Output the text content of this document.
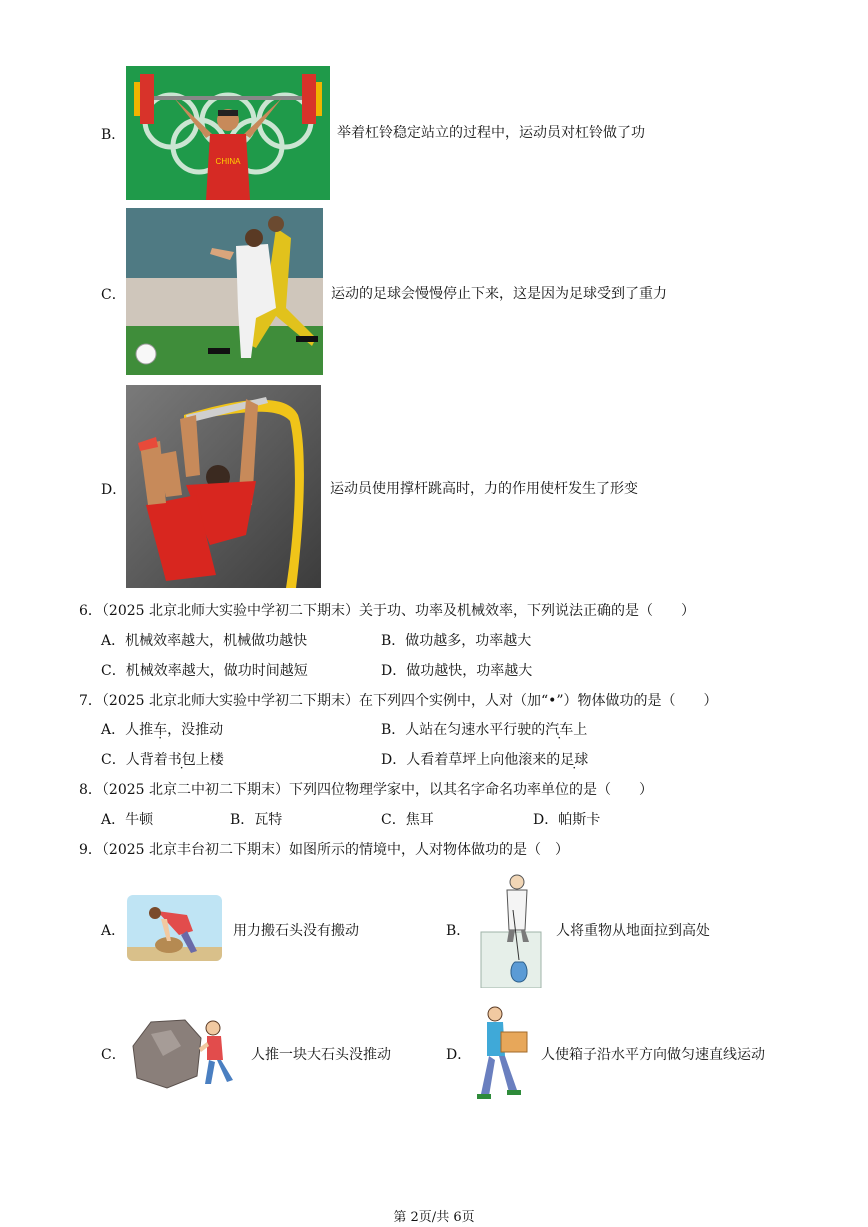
B．
CHINA
举着杠铃稳定站立的过程中，运动员对杠铃做了功
C．	运动的足球会慢慢停止下来，这是因为足球受到了重力
D．	运动员使用撑杆跳高时，力的作用使杆发生了形变
6．（2025 北京北师大实验中学初二下期末）关于功、功率及机械效率，下列说法正确的是（　　）
A．机械效率越大，机械做功越快	B．做功越多，功率越大
C．机械效率越大，做功时间越短	D．做功越快，功率越大
7．（2025 北京北师大实验中学初二下期末）在下列四个实例中，人对（加“•”）物体做功的是（　　）
A．人推车，没推动	B．人站在匀速水平行驶的汽车上
C．人背着书包上楼	D．人看着草坪上向他滚来的足球
8．（2025 北京二中初二下期末）下列四位物理学家中，以其名字命名功率单位的是（　　）
A．牛顿	B．瓦特	C．焦耳	D．帕斯卡
9．（2025 北京丰台初二下期末）如图所示的情境中，人对物体做功的是（　）
A．	用力搬石头没有搬动	B．	人将重物从地面拉到高处
C．	人推一块大石头没推动	D．	人使箱子沿水平方向做匀速直线运动
第 2页/共 6页
